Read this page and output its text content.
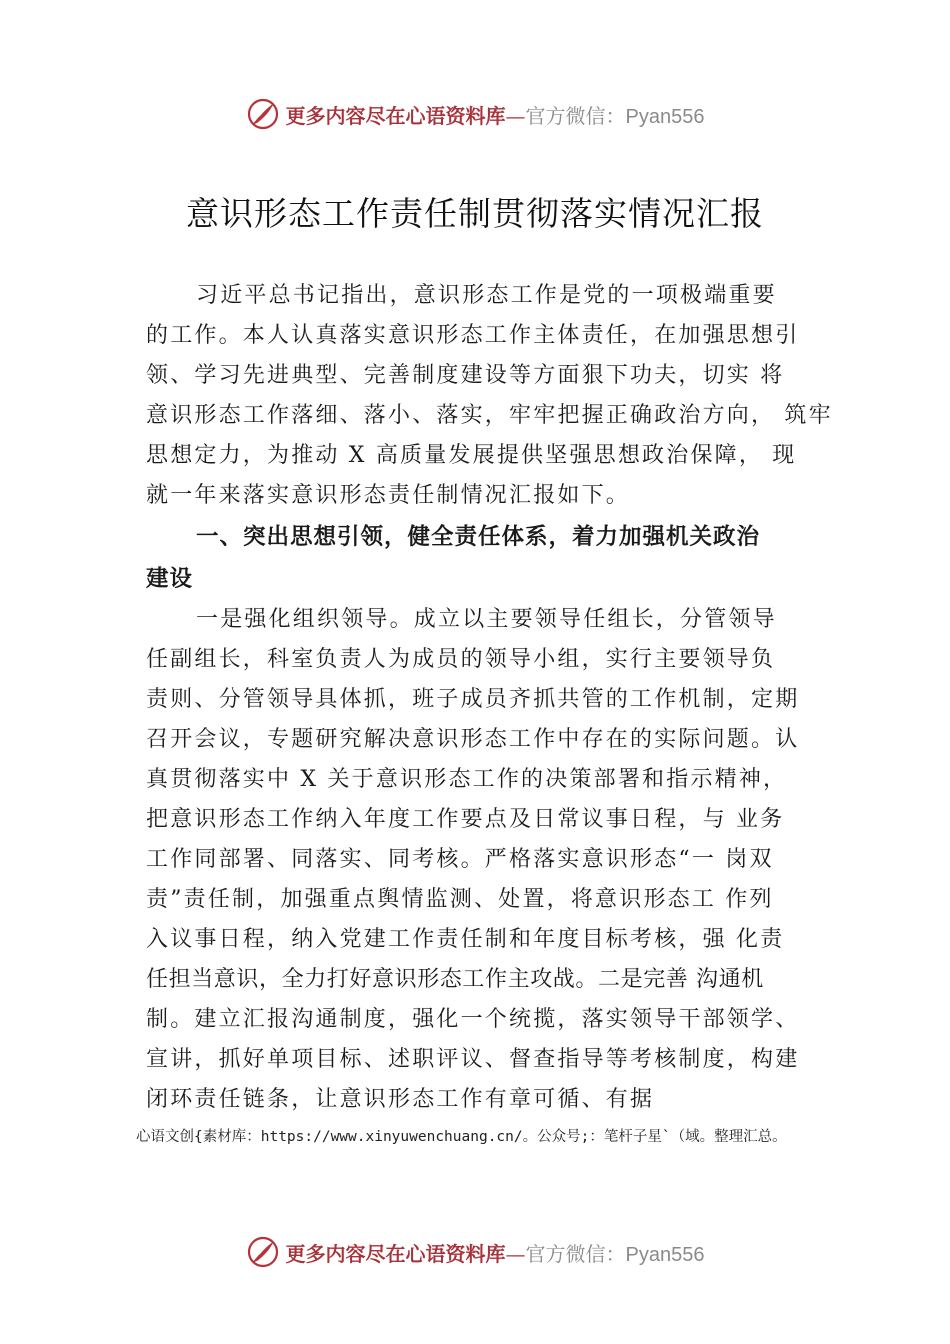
更多内容尽在心语资料库—官方微信：Pyan556
意识形态工作责任制贯彻落实情况汇报
习近平总书记指出，意识形态工作是党的一项极端重要
的工作。本人认真落实意识形态工作主体责任，在加强思想引
领、学习先进典型、完善制度建设等方面狠下功夫，切实 将
意识形态工作落细、落小、落实，牢牢把握正确政治方向， 筑牢
思想定力，为推动 X 高质量发展提供坚强思想政治保障， 现
就一年来落实意识形态责任制情况汇报如下。
一、突出思想引领，健全责任体系，着力加强机关政治
建设
一是强化组织领导。成立以主要领导任组长，分管领导
任副组长，科室负责人为成员的领导小组，实行主要领导负
责则、分管领导具体抓，班子成员齐抓共管的工作机制，定期
召开会议，专题研究解决意识形态工作中存在的实际问题。认
真贯彻落实中 X 关于意识形态工作的决策部署和指示精神，
把意识形态工作纳入年度工作要点及日常议事日程，与 业务
工作同部署、同落实、同考核。严格落实意识形态“一 岗双
责”责任制，加强重点舆情监测、处置，将意识形态工 作列
入议事日程，纳入党建工作责任制和年度目标考核，强 化责
任担当意识，全力打好意识形态工作主攻战。二是完善 沟通机
制。建立汇报沟通制度，强化一个统揽，落实领导干部领学、
宣讲，抓好单项目标、述职评议、督查指导等考核制度，构建
闭环责任链条，让意识形态工作有章可循、有据
心语文创{素材库：https://www.xinyuwenchuang.cn/。公众号;：笔杆子星`（域。整理汇总。
更多内容尽在心语资料库—官方微信：Pyan556
